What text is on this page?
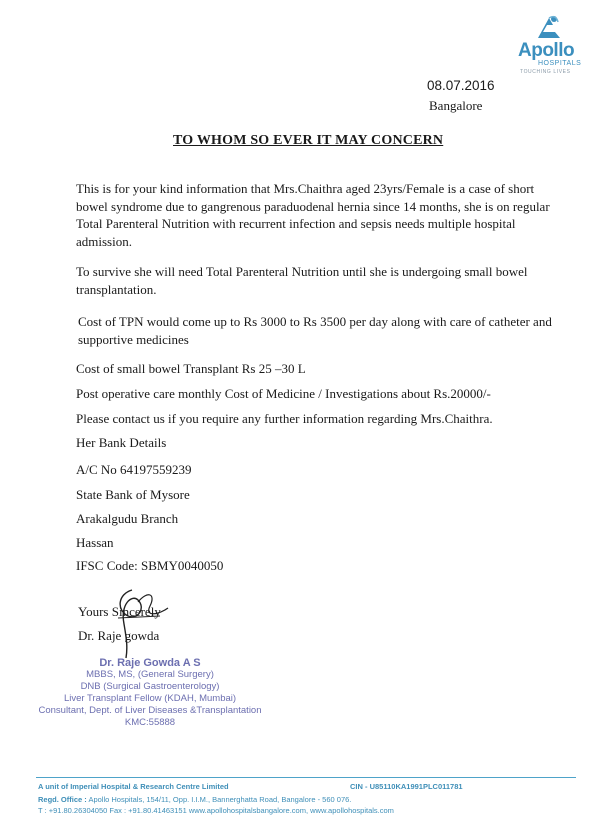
Apollo
HOSPITALS
TOUCHING LIVES
08.07.2016
Bangalore
TO WHOM SO EVER IT MAY CONCERN
This is for your kind information that Mrs.Chaithra aged 23yrs/Female is a case of short bowel syndrome due to gangrenous paraduodenal hernia since 14 months, she is on regular Total Parenteral Nutrition with recurrent infection and sepsis needs multiple hospital admission.
To survive she will need Total Parenteral Nutrition until she is undergoing small bowel transplantation.
Cost of TPN would come up to Rs 3000 to Rs 3500 per day along with care of catheter and supportive medicines
Cost of small bowel Transplant Rs 25 –30 L
Post operative care monthly Cost of Medicine / Investigations about Rs.20000/-
Please contact us if you require any further information regarding Mrs.Chaithra.
Her Bank Details
A/C No 64197559239
State Bank of Mysore
Arakalgudu Branch
Hassan
IFSC Code: SBMY0040050
Yours Sincerely
Dr. Raje gowda
Dr. Raje Gowda A S
MBBS, MS, (General Surgery)
DNB (Surgical Gastroenterology)
Liver Transplant Fellow (KDAH, Mumbai)
Consultant, Dept. of Liver Diseases &Transplantation
KMC:55888
A unit of Imperial Hospital & Research Centre Limited	CIN - U85110KA1991PLC011781
Regd. Office : Apollo Hospitals, 154/11, Opp. I.I.M., Bannerghatta Road, Bangalore - 560 076.
T : +91.80.26304050 Fax : +91.80.41463151 www.apollohospitalsbangalore.com, www.apollohospitals.com
